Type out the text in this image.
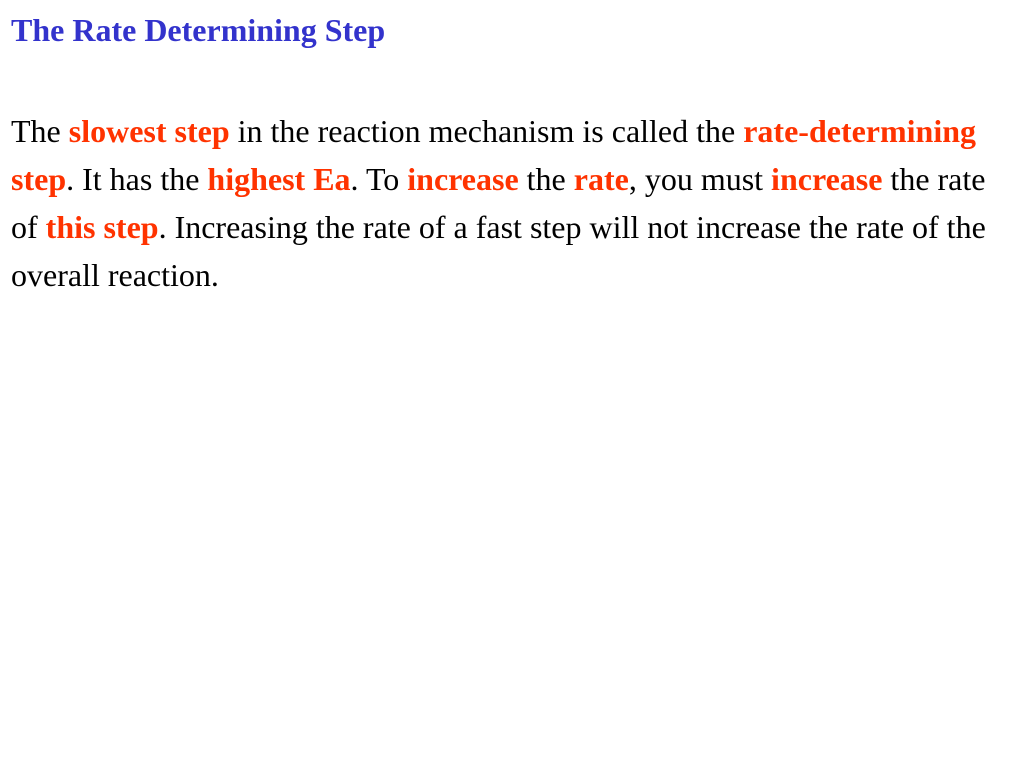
The Rate Determining Step

The slowest step in the reaction mechanism is called the rate-determining step. It has the highest Ea. To increase the rate, you must increase the rate of this step. Increasing the rate of a fast step will not increase the rate of the overall reaction.
